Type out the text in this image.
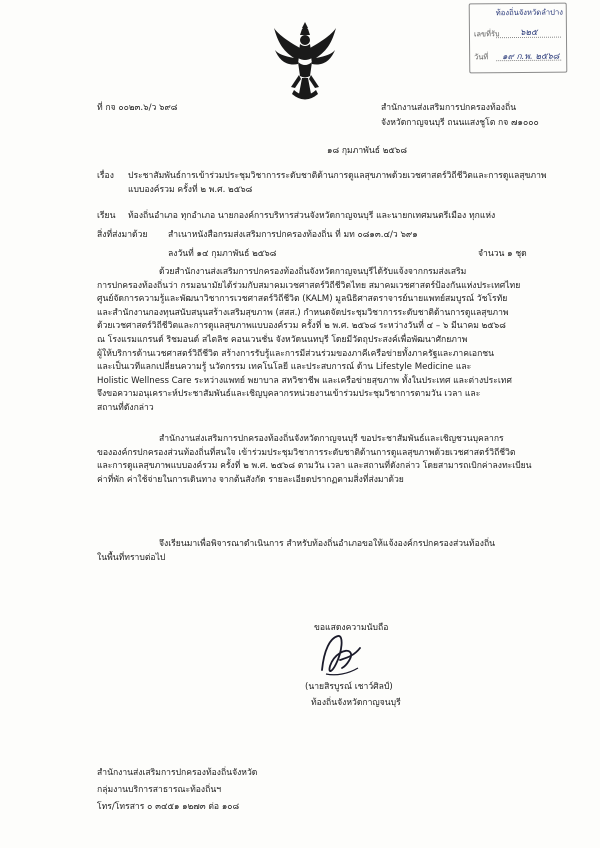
ท้องถิ่นจังหวัดลำปาง
เลขที่รับ ๖๒๕
วันที่ ๑๙ ก.พ. ๒๕๖๘
ที่ กจ ๐๐๒๓.๖/ว ๖๙๘	สำนักงานส่งเสริมการปกครองท้องถิ่น
จังหวัดกาญจนบุรี ถนนแสงชูโต กจ ๗๑๐๐๐
๑๘ กุมภาพันธ์ ๒๕๖๘
เรื่อง ประชาสัมพันธ์การเข้าร่วมประชุมวิชาการระดับชาติด้านการดูแลสุขภาพด้วยเวชศาสตร์วิถีชีวิตและการดูแลสุขภาพ
แบบองค์รวม ครั้งที่ ๒ พ.ศ. ๒๕๖๘
เรียน ท้องถิ่นอำเภอ ทุกอำเภอ นายกองค์การบริหารส่วนจังหวัดกาญจนบุรี และนายกเทศมนตรีเมือง ทุกแห่ง
สิ่งที่ส่งมาด้วย สำเนาหนังสือกรมส่งเสริมการปกครองท้องถิ่น ที่ มท ๐๘๑๓.๔/ว ๖๙๑
ลงวันที่ ๑๔ กุมภาพันธ์ ๒๕๖๘	จำนวน ๑ ชุด
ด้วยสำนักงานส่งเสริมการปกครองท้องถิ่นจังหวัดกาญจนบุรีได้รับแจ้งจากกรมส่งเสริม
การปกครองท้องถิ่นว่า กรมอนามัยได้ร่วมกับสมาคมเวชศาสตร์วิถีชีวิตไทย สมาคมเวชศาสตร์ป้องกันแห่งประเทศไทย
ศูนย์จัดการความรู้และพัฒนาวิชาการเวชศาสตร์วิถีชีวิต (KALM) มูลนิธิศาสตราจารย์นายแพทย์สมบูรณ์ วัชโรทัย
และสำนักงานกองทุนสนับสนุนสร้างเสริมสุขภาพ (สสส.) กำหนดจัดประชุมวิชาการระดับชาติด้านการดูแลสุขภาพ
ด้วยเวชศาสตร์วิถีชีวิตและการดูแลสุขภาพแบบองค์รวม ครั้งที่ ๒ พ.ศ. ๒๕๖๘ ระหว่างวันที่ ๔ – ๖ มีนาคม ๒๕๖๘
ณ โรงแรมแกรนด์ ริชมอนด์ สไตลิช คอนเวนชั่น จังหวัดนนทบุรี โดยมีวัตถุประสงค์เพื่อพัฒนาศักยภาพ
ผู้ให้บริการด้านเวชศาสตร์วิถีชีวิต สร้างการรับรู้และการมีส่วนร่วมของภาคีเครือข่ายทั้งภาครัฐและภาคเอกชน
และเป็นเวทีแลกเปลี่ยนความรู้ นวัตกรรม เทคโนโลยี และประสบการณ์ ด้าน Lifestyle Medicine และ
Holistic Wellness Care ระหว่างแพทย์ พยาบาล สหวิชาชีพ และเครือข่ายสุขภาพ ทั้งในประเทศ และต่างประเทศ
จึงขอความอนุเคราะห์ประชาสัมพันธ์และเชิญบุคลากรหน่วยงานเข้าร่วมประชุมวิชาการตามวัน เวลา และ
สถานที่ดังกล่าว
สำนักงานส่งเสริมการปกครองท้องถิ่นจังหวัดกาญจนบุรี ขอประชาสัมพันธ์และเชิญชวนบุคลากร
ขององค์กรปกครองส่วนท้องถิ่นที่สนใจ เข้าร่วมประชุมวิชาการระดับชาติด้านการดูแลสุขภาพด้วยเวชศาสตร์วิถีชีวิต
และการดูแลสุขภาพแบบองค์รวม ครั้งที่ ๒ พ.ศ. ๒๕๖๘ ตามวัน เวลา และสถานที่ดังกล่าว โดยสามารถเบิกค่าลงทะเบียน
ค่าที่พัก ค่าใช้จ่ายในการเดินทาง จากต้นสังกัด รายละเอียดปรากฏตามสิ่งที่ส่งมาด้วย
จึงเรียนมาเพื่อพิจารณาดำเนินการ สำหรับท้องถิ่นอำเภอขอให้แจ้งองค์กรปกครองส่วนท้องถิ่น
ในพื้นที่ทราบต่อไป
ขอแสดงความนับถือ
(นายสิรบูรณ์ เชาว์ศิลป์)
ท้องถิ่นจังหวัดกาญจนบุรี
สำนักงานส่งเสริมการปกครองท้องถิ่นจังหวัด
กลุ่มงานบริการสาธารณะท้องถิ่นฯ
โทร/โทรสาร ๐ ๓๔๕๑ ๑๒๗๓ ต่อ ๑๐๘
